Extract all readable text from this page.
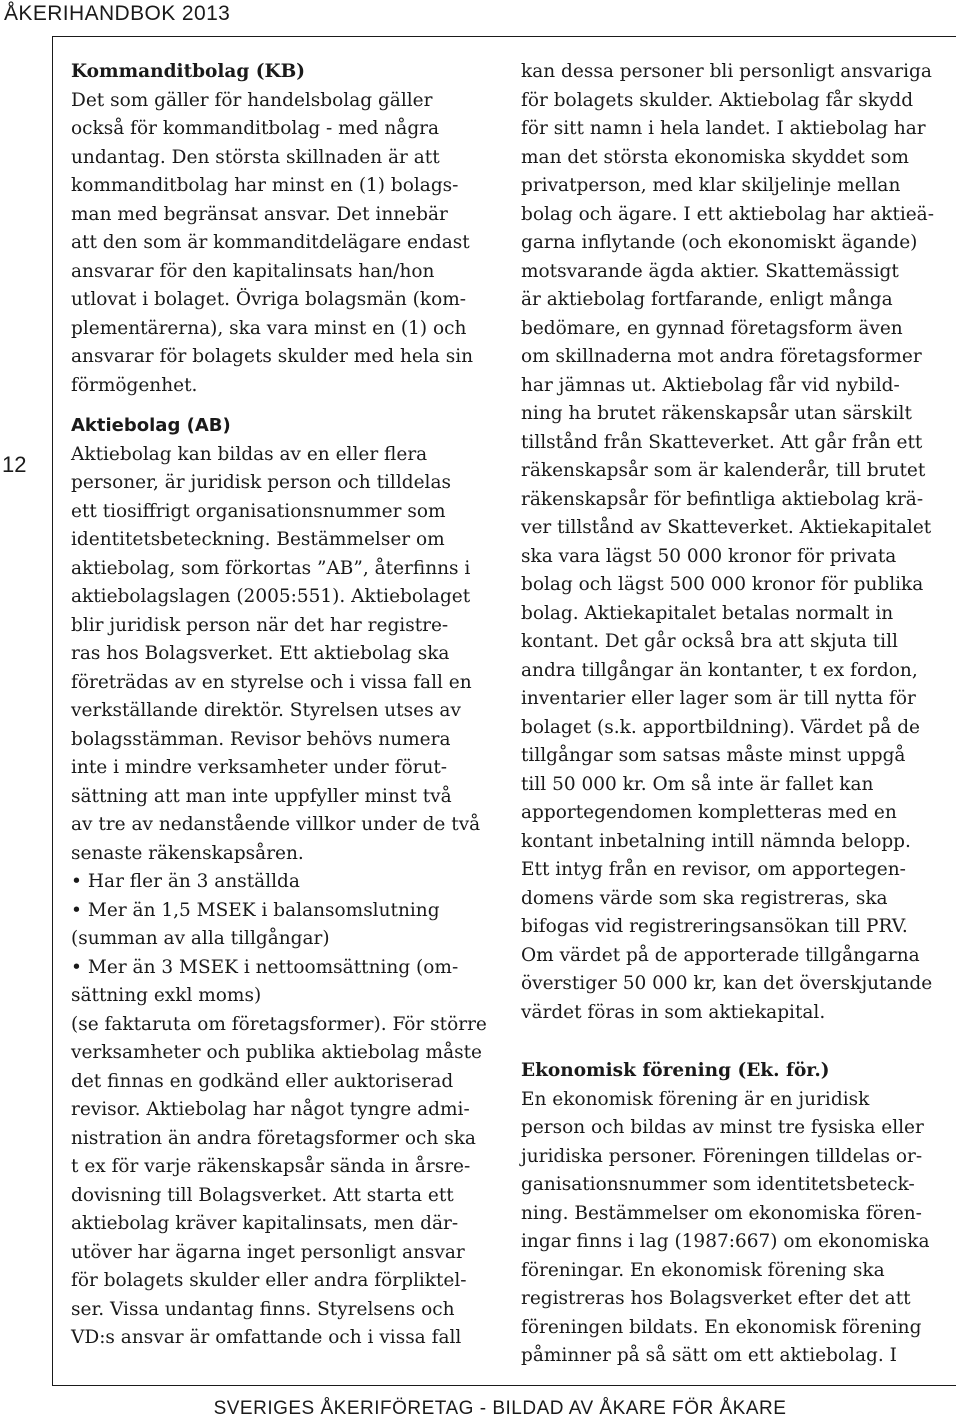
ÅKERIHANDBOK 2013
12
Kommanditbolag (KB)
Det som gäller för handelsbolag gäller
också för kommanditbolag - med några
undantag. Den största skillnaden är att
kommanditbolag har minst en (1) bolags-
man med begränsat ansvar. Det innebär
att den som är kommanditdelägare endast
ansvarar för den kapitalinsats han/hon
utlovat i bolaget. Övriga bolagsmän (kom-
plementärerna), ska vara minst en (1) och
ansvarar för bolagets skulder med hela sin
förmögenhet.
Aktiebolag (AB)
Aktiebolag kan bildas av en eller flera
personer, är juridisk person och tilldelas
ett tiosiffrigt organisationsnummer som
identitetsbeteckning. Bestämmelser om
aktiebolag, som förkortas ”AB”, återfinns i
aktiebolagslagen (2005:551). Aktiebolaget
blir juridisk person när det har registre-
ras hos Bolagsverket. Ett aktiebolag ska
företrädas av en styrelse och i vissa fall en
verkställande direktör. Styrelsen utses av
bolagsstämman. Revisor behövs numera
inte i mindre verksamheter under förut-
sättning att man inte uppfyller minst två
av tre av nedanstående villkor under de två
senaste räkenskapsåren.
• Har fler än 3 anställda
• Mer än 1,5 MSEK i balansomslutning
(summan av alla tillgångar)
• Mer än 3 MSEK i nettoomsättning (om-
sättning exkl moms)
(se faktaruta om företagsformer). För större
verksamheter och publika aktiebolag måste
det finnas en godkänd eller auktoriserad
revisor. Aktiebolag har något tyngre admi-
nistration än andra företagsformer och ska
t ex för varje räkenskapsår sända in årsre-
dovisning till Bolagsverket. Att starta ett
aktiebolag kräver kapitalinsats, men där-
utöver har ägarna inget personligt ansvar
för bolagets skulder eller andra förpliktel-
ser. Vissa undantag finns. Styrelsens och
VD:s ansvar är omfattande och i vissa fall
kan dessa personer bli personligt ansvariga
för bolagets skulder. Aktiebolag får skydd
för sitt namn i hela landet. I aktiebolag har
man det största ekonomiska skyddet som
privatperson, med klar skiljelinje mellan
bolag och ägare. I ett aktiebolag har aktieä-
garna inflytande (och ekonomiskt ägande)
motsvarande ägda aktier. Skattemässigt
är aktiebolag fortfarande, enligt många
bedömare, en gynnad företagsform även
om skillnaderna mot andra företagsformer
har jämnas ut. Aktiebolag får vid nybild-
ning ha brutet räkenskapsår utan särskilt
tillstånd från Skatteverket. Att går från ett
räkenskapsår som är kalenderår, till brutet
räkenskapsår för befintliga aktiebolag krä-
ver tillstånd av Skatteverket. Aktiekapitalet
ska vara lägst 50 000 kronor för privata
bolag och lägst 500 000 kronor för publika
bolag. Aktiekapitalet betalas normalt in
kontant. Det går också bra att skjuta till
andra tillgångar än kontanter, t ex fordon,
inventarier eller lager som är till nytta för
bolaget (s.k. apportbildning). Värdet på de
tillgångar som satsas måste minst uppgå
till 50 000 kr. Om så inte är fallet kan
apportegendomen kompletteras med en
kontant inbetalning intill nämnda belopp.
Ett intyg från en revisor, om apportegen-
domens värde som ska registreras, ska
bifogas vid registreringsansökan till PRV.
Om värdet på de apporterade tillgångarna
överstiger 50 000 kr, kan det överskjutande
värdet föras in som aktiekapital.
Ekonomisk förening (Ek. för.)
En ekonomisk förening är en juridisk
person och bildas av minst tre fysiska eller
juridiska personer. Föreningen tilldelas or-
ganisationsnummer som identitetsbeteck-
ning. Bestämmelser om ekonomiska fören-
ingar finns i lag (1987:667) om ekonomiska
föreningar. En ekonomisk förening ska
registreras hos Bolagsverket efter det att
föreningen bildats. En ekonomisk förening
påminner på så sätt om ett aktiebolag. I
SVERIGES ÅKERIFÖRETAG - BILDAD AV ÅKARE FÖR ÅKARE
